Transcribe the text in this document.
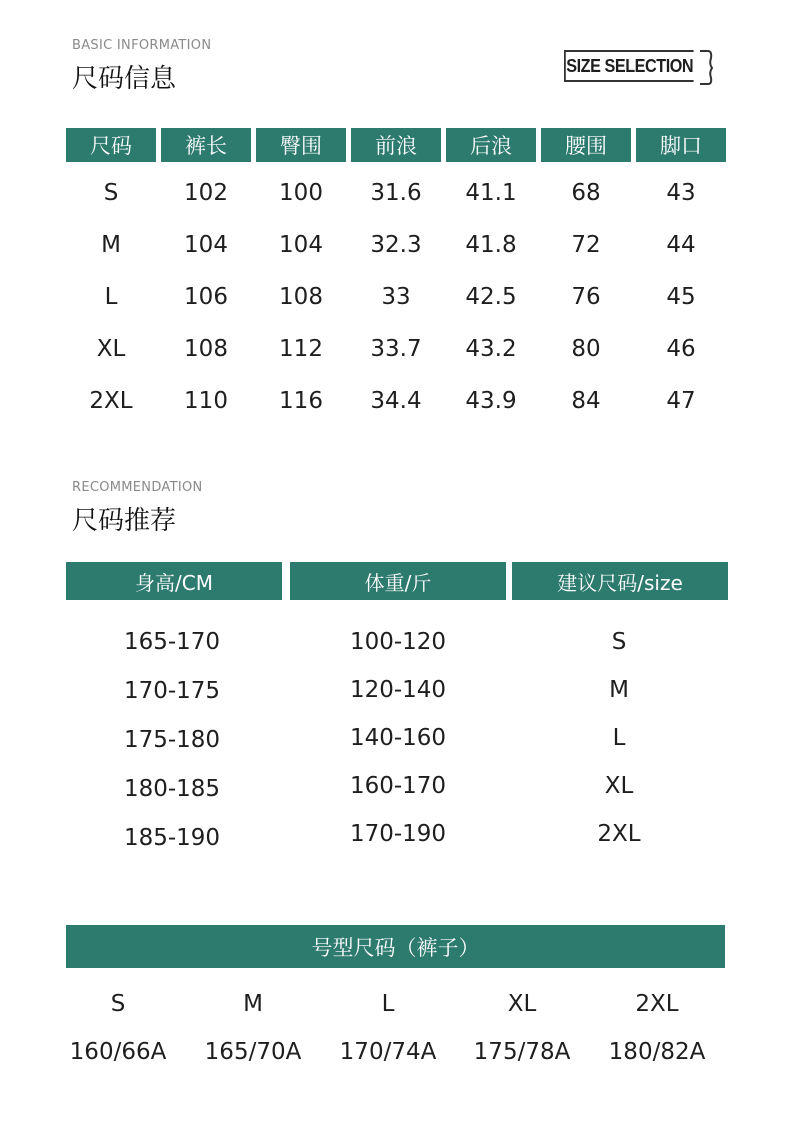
BASIC INFORMATION
尺码信息	SIZE SELECTION
尺码	裤长	臀围	前浪	后浪	腰围	脚口
S	102	100	31.6	41.1	68	43
M	104	104	32.3	41.8	72	44
L	106	108	33	42.5	76	45
XL	108	112	33.7	43.2	80	46
2XL	110	116	34.4	43.9	84	47
RECOMMENDATION
尺码推荐
身高/CM	体重/斤	建议尺码/size
165-170	100-120	S
170-175	120-140	M
175-180	140-160	L
180-185	160-170	XL
185-190	170-190	2XL
号型尺码（裤子）
S	M	L	XL	2XL
160/66A	165/70A	170/74A	175/78A	180/82A
